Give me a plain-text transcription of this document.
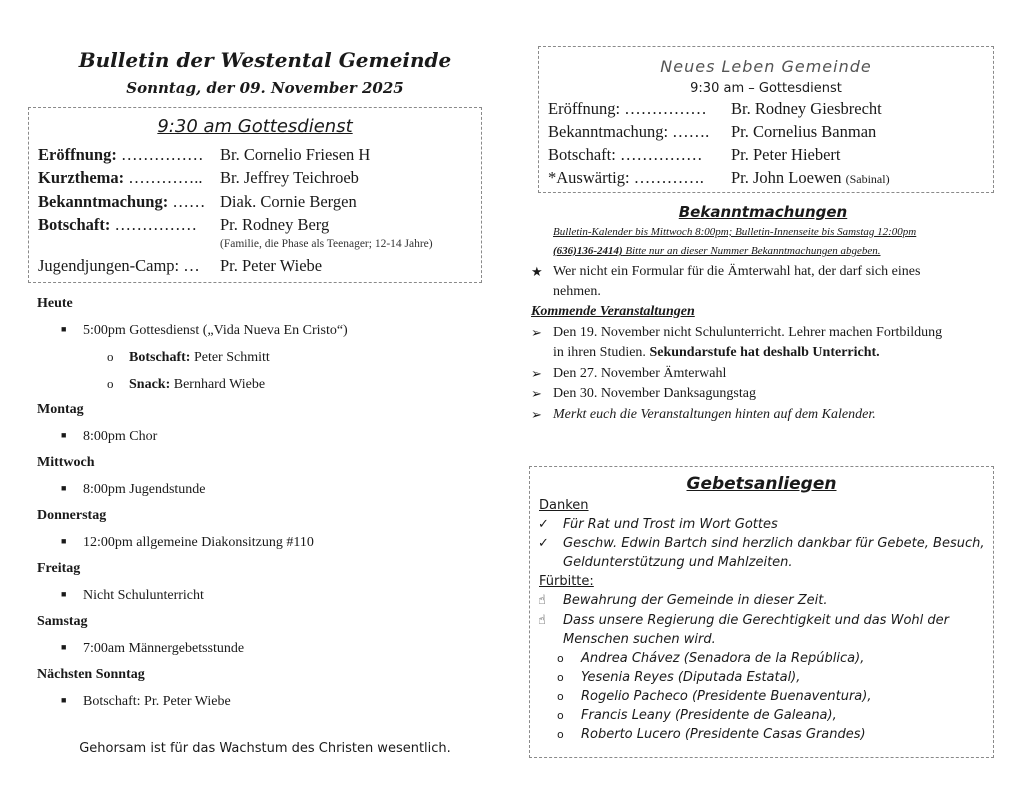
Bulletin der Westental Gemeinde
Sonntag, der 09. November 2025
9:30 am Gottesdienst
Eröffnung: …………… Br. Cornelio Friesen H
Kurzthema: …………..Br. Jeffrey Teichroeb
Bekanntmachung: …… Diak. Cornie Bergen
Botschaft: ……………Pr. Rodney Berg
(Familie, die Phase als Teenager; 12-14 Jahre)
Jugendjungen-Camp: … Pr. Peter Wiebe
Heute
■ 5:00pm Gottesdienst („Vida Nueva En Cristo“)
o Botschaft: Peter Schmitt
o Snack: Bernhard Wiebe
Montag
■ 8:00pm Chor
Mittwoch
■ 8:00pm Jugendstunde
Donnerstag
■ 12:00pm allgemeine Diakonsitzung #110
Freitag
■ Nicht Schulunterricht
Samstag
■ 7:00am Männergebetsstunde
Nächsten Sonntag
■ Botschaft: Pr. Peter Wiebe
Gehorsam ist für das Wachstum des Christen wesentlich.
Neues Leben Gemeinde
9:30 am – Gottesdienst
Eröffnung: …………… Br. Rodney Giesbrecht
Bekanntmachung: ……. Pr. Cornelius Banman
Botschaft: …………… Pr. Peter Hiebert
*Auswärtig: …………. Pr. John Loewen (Sabinal)
Bekanntmachungen
Bulletin-Kalender bis Mittwoch 8:00pm; Bulletin-Innenseite bis Samstag 12:00pm
(636)136-2414) Bitte nur an dieser Nummer Bekanntmachungen abgeben.
★ Wer nicht ein Formular für die Ämterwahl hat, der darf sich eines
nehmen.
Kommende Veranstaltungen
➢ Den 19. November nicht Schulunterricht. Lehrer machen Fortbildung
in ihren Studien. Sekundarstufe hat deshalb Unterricht.
➢ Den 27. November Ämterwahl
➢ Den 30. November Danksagungstag
➢ Merkt euch die Veranstaltungen hinten auf dem Kalender.
Gebetsanliegen
Danken
✓ Für Rat und Trost im Wort Gottes
✓ Geschw. Edwin Bartch sind herzlich dankbar für Gebete, Besuch,
Geldunterstützung und Mahlzeiten.
Fürbitte:
☝ Bewahrung der Gemeinde in dieser Zeit.
☝ Dass unsere Regierung die Gerechtigkeit und das Wohl der
Menschen suchen wird.
o Andrea Chávez (Senadora de la República),
o Yesenia Reyes (Diputada Estatal),
o Rogelio Pacheco (Presidente Buenaventura),
o Francis Leany (Presidente de Galeana),
o Roberto Lucero (Presidente Casas Grandes)
